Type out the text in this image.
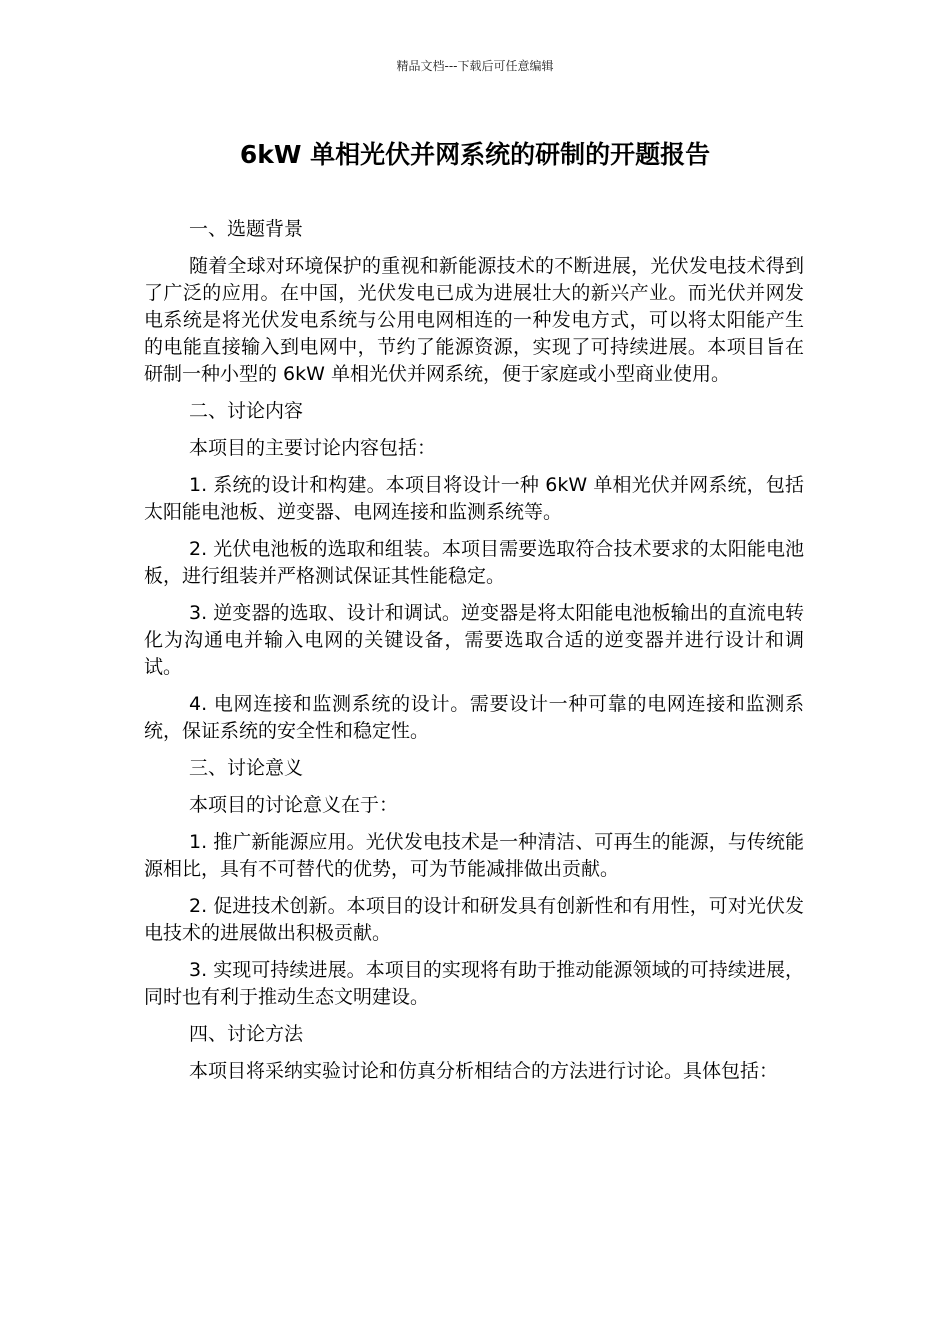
精品文档---下载后可任意编辑
6kW 单相光伏并网系统的研制的开题报告

一、选题背景

随着全球对环境保护的重视和新能源技术的不断进展，光伏发电技术得到了广泛的应用。在中国，光伏发电已成为进展壮大的新兴产业。而光伏并网发电系统是将光伏发电系统与公用电网相连的一种发电方式，可以将太阳能产生的电能直接输入到电网中，节约了能源资源，实现了可持续进展。本项目旨在研制一种小型的 6kW 单相光伏并网系统，便于家庭或小型商业使用。

二、讨论内容

本项目的主要讨论内容包括：

1. 系统的设计和构建。本项目将设计一种 6kW 单相光伏并网系统，包括太阳能电池板、逆变器、电网连接和监测系统等。

2. 光伏电池板的选取和组装。本项目需要选取符合技术要求的太阳能电池板，进行组装并严格测试保证其性能稳定。

3. 逆变器的选取、设计和调试。逆变器是将太阳能电池板输出的直流电转化为沟通电并输入电网的关键设备，需要选取合适的逆变器并进行设计和调试。

4. 电网连接和监测系统的设计。需要设计一种可靠的电网连接和监测系统，保证系统的安全性和稳定性。

三、讨论意义

本项目的讨论意义在于：

1. 推广新能源应用。光伏发电技术是一种清洁、可再生的能源，与传统能源相比，具有不可替代的优势，可为节能减排做出贡献。

2. 促进技术创新。本项目的设计和研发具有创新性和有用性，可对光伏发电技术的进展做出积极贡献。

3. 实现可持续进展。本项目的实现将有助于推动能源领域的可持续进展，同时也有利于推动生态文明建设。

四、讨论方法

本项目将采纳实验讨论和仿真分析相结合的方法进行讨论。具体包括：
